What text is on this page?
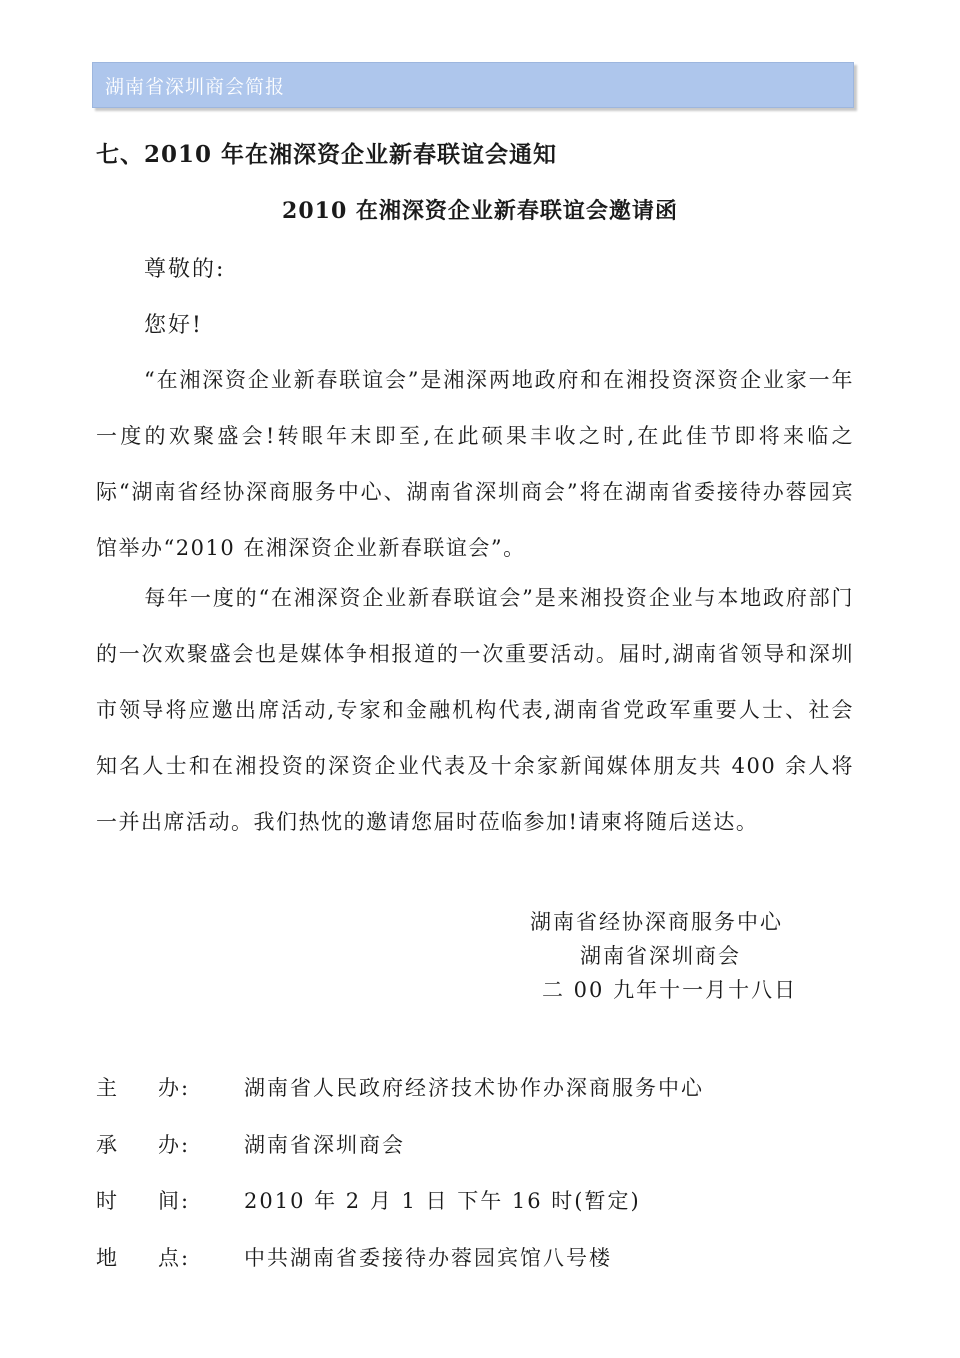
湖南省深圳商会简报
七、2010 年在湘深资企业新春联谊会通知
2010 在湘深资企业新春联谊会邀请函
尊敬的:
您好!
“在湘深资企业新春联谊会”是湘深两地政府和在湘投资深资企业家一年一度的欢聚盛会!转眼年末即至,在此硕果丰收之时,在此佳节即将来临之际“湖南省经协深商服务中心、湖南省深圳商会”将在湖南省委接待办蓉园宾馆举办“2010 在湘深资企业新春联谊会”。
每年一度的“在湘深资企业新春联谊会”是来湘投资企业与本地政府部门的一次欢聚盛会也是媒体争相报道的一次重要活动。届时,湖南省领导和深圳市领导将应邀出席活动,专家和金融机构代表,湖南省党政军重要人士、社会知名人士和在湘投资的深资企业代表及十余家新闻媒体朋友共 400 余人将一并出席活动。我们热忱的邀请您届时莅临参加!请柬将随后送达。
湖南省经协深商服务中心
湖南省深圳商会
二 00 九年十一月十八日
主 办:	湖南省人民政府经济技术协作办深商服务中心
承 办:	湖南省深圳商会
时 间:	2010 年 2 月 1 日 下午 16 时(暂定)
地 点:	中共湖南省委接待办蓉园宾馆八号楼
